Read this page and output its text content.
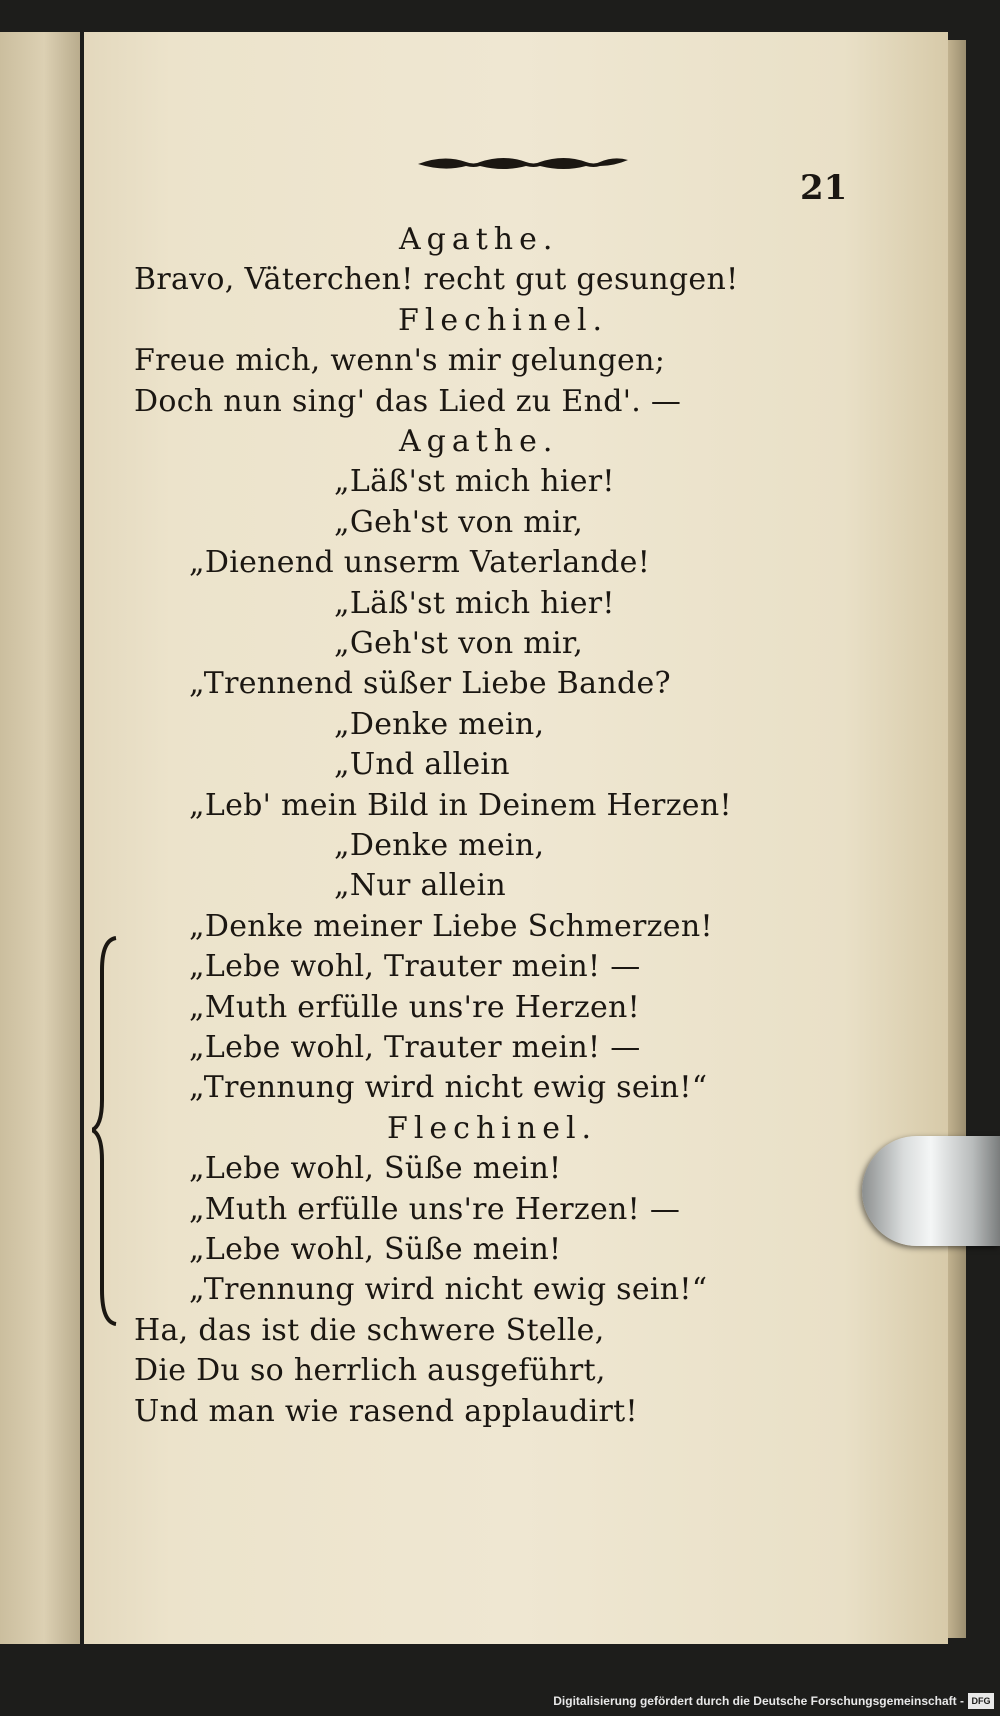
21
Agathe.
Bravo, Väterchen! recht gut gesungen!
Flechinel.
Freue mich, wenn's mir gelungen;
Doch nun sing' das Lied zu End'. —
Agathe.
„Läß'st mich hier!
„Geh'st von mir,
„Dienend unserm Vaterlande!
„Läß'st mich hier!
„Geh'st von mir,
„Trennend süßer Liebe Bande?
„Denke mein,
„Und allein
„Leb' mein Bild in Deinem Herzen!
„Denke mein,
„Nur allein
„Denke meiner Liebe Schmerzen!
„Lebe wohl, Trauter mein! —
„Muth erfülle uns're Herzen!
„Lebe wohl, Trauter mein! —
„Trennung wird nicht ewig sein!“
Flechinel.
„Lebe wohl, Süße mein!
„Muth erfülle uns're Herzen! —
„Lebe wohl, Süße mein!
„Trennung wird nicht ewig sein!“
Ha, das ist die schwere Stelle,
Die Du so herrlich ausgeführt,
Und man wie rasend applaudirt!
Digitalisierung gefördert durch die Deutsche Forschungsgemeinschaft - DFG
